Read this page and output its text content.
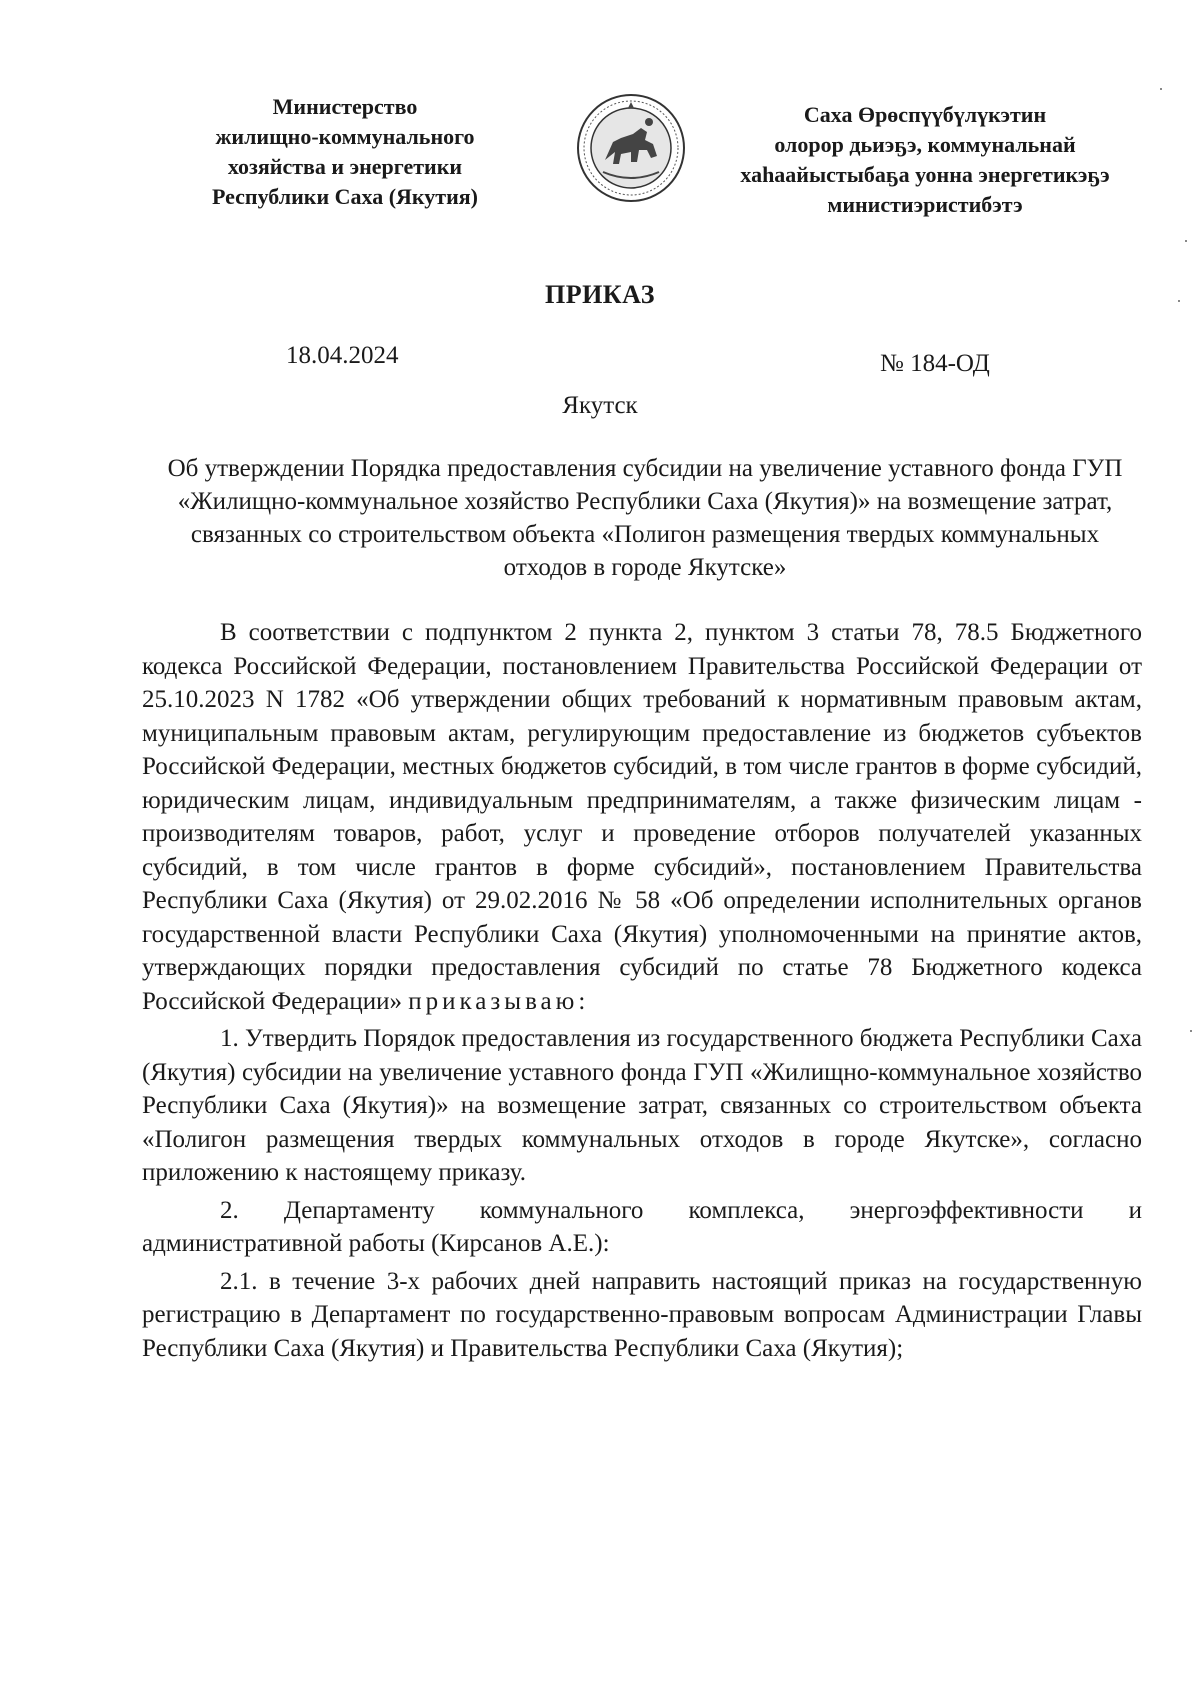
Министерство
жилищно-коммунального
хозяйства и энергетики
Республики Саха (Якутия)
Саха Өрөспүүбүлүкэтин
олорор дьиэҕэ, коммунальнай
хаһаайыстыбаҕа уонна энергетикэҕэ
министиэристибэтэ
ПРИКАЗ
18.04.2024	№ 184-ОД
Якутск
Об утверждении Порядка предоставления субсидии на увеличение уставного фонда ГУП «Жилищно-коммунальное хозяйство Республики Саха (Якутия)» на возмещение затрат, связанных со строительством объекта «Полигон размещения твердых коммунальных отходов в городе Якутске»

В соответствии с подпунктом 2 пункта 2, пунктом 3 статьи 78, 78.5 Бюджетного кодекса Российской Федерации, постановлением Правительства Российской Федерации от 25.10.2023 N 1782 «Об утверждении общих требований к нормативным правовым актам, муниципальным правовым актам, регулирующим предоставление из бюджетов субъектов Российской Федерации, местных бюджетов субсидий, в том числе грантов в форме субсидий, юридическим лицам, индивидуальным предпринимателям, а также физическим лицам - производителям товаров, работ, услуг и проведение отборов получателей указанных субсидий, в том числе грантов в форме субсидий», постановлением Правительства Республики Саха (Якутия) от 29.02.2016 № 58 «Об определении исполнительных органов государственной власти Республики Саха (Якутия) уполномоченными на принятие актов, утверждающих порядки предоставления субсидий по статье 78 Бюджетного кодекса Российской Федерации» приказываю:

1. Утвердить Порядок предоставления из государственного бюджета Республики Саха (Якутия) субсидии на увеличение уставного фонда ГУП «Жилищно-коммунальное хозяйство Республики Саха (Якутия)» на возмещение затрат, связанных со строительством объекта «Полигон размещения твердых коммунальных отходов в городе Якутске», согласно приложению к настоящему приказу.

2. Департаменту коммунального комплекса, энергоэффективности и административной работы (Кирсанов А.Е.):

2.1. в течение 3-х рабочих дней направить настоящий приказ на государственную регистрацию в Департамент по государственно-правовым вопросам Администрации Главы Республики Саха (Якутия) и Правительства Республики Саха (Якутия);
